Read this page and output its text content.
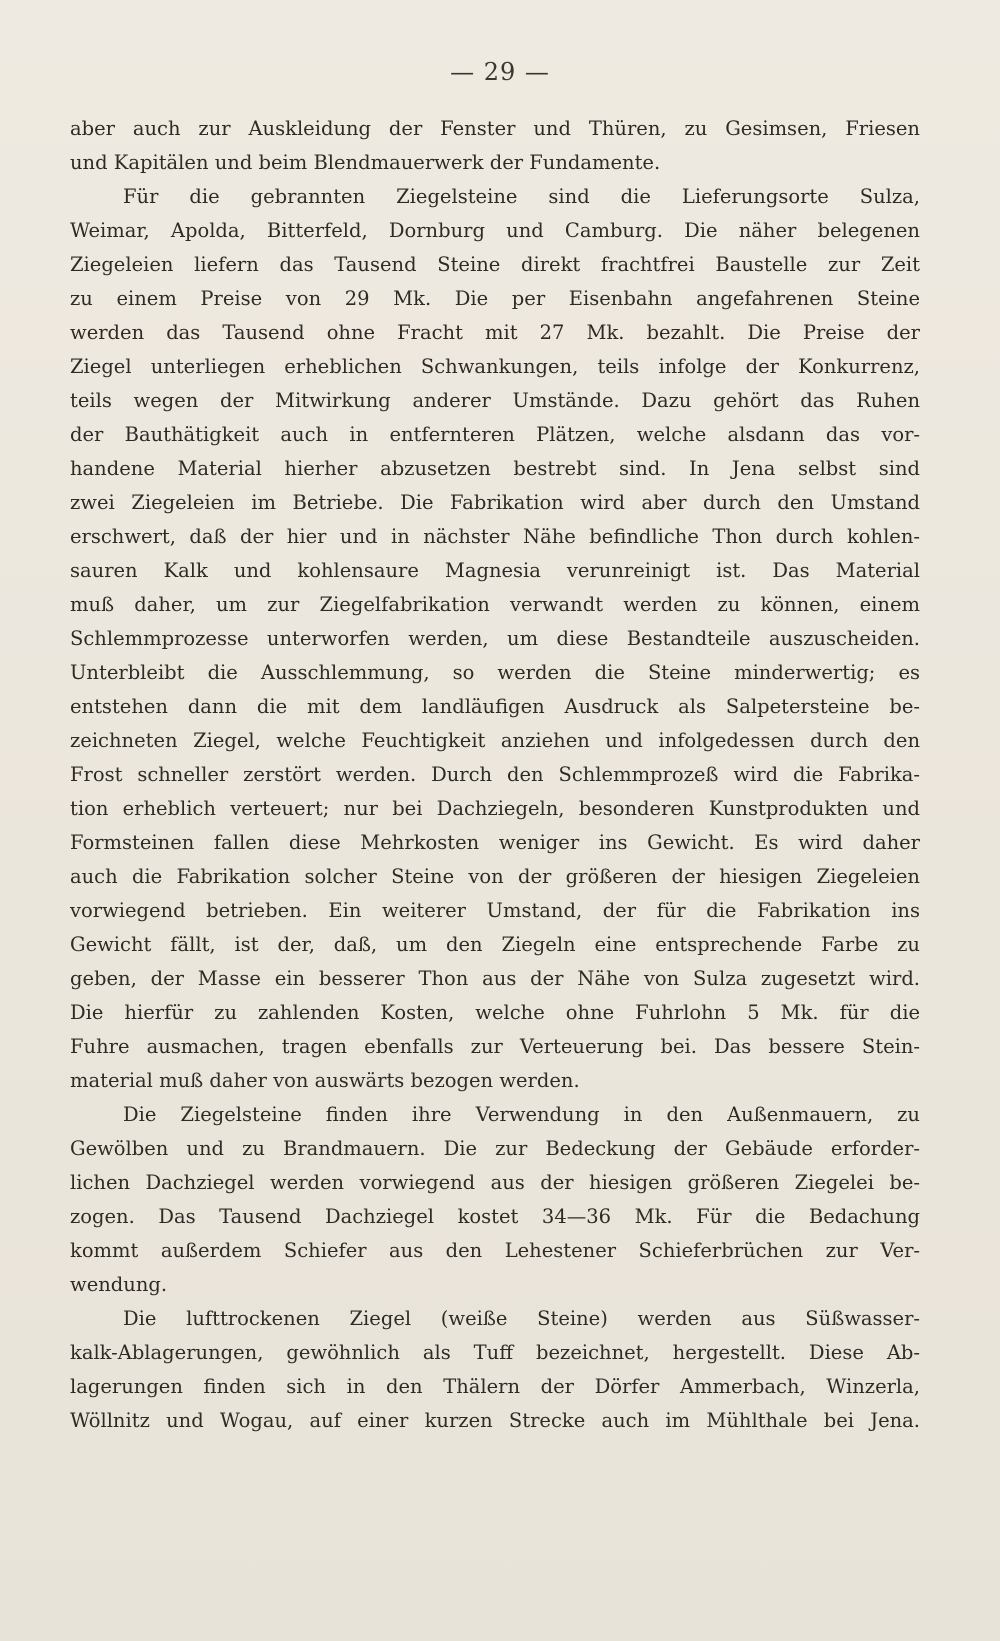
— 29 —
aber auch zur Auskleidung der Fenster und Thüren, zu Gesimsen, Friesen
und Kapitälen und beim Blendmauerwerk der Fundamente.
Für die gebrannten Ziegelsteine sind die Lieferungsorte Sulza,
Weimar, Apolda, Bitterfeld, Dornburg und Camburg. Die näher belegenen
Ziegeleien liefern das Tausend Steine direkt frachtfrei Baustelle zur Zeit
zu einem Preise von 29 Mk. Die per Eisenbahn angefahrenen Steine
werden das Tausend ohne Fracht mit 27 Mk. bezahlt. Die Preise der
Ziegel unterliegen erheblichen Schwankungen, teils infolge der Konkurrenz,
teils wegen der Mitwirkung anderer Umstände. Dazu gehört das Ruhen
der Bauthätigkeit auch in entfernteren Plätzen, welche alsdann das vor-
handene Material hierher abzusetzen bestrebt sind. In Jena selbst sind
zwei Ziegeleien im Betriebe. Die Fabrikation wird aber durch den Umstand
erschwert, daß der hier und in nächster Nähe befindliche Thon durch kohlen-
sauren Kalk und kohlensaure Magnesia verunreinigt ist. Das Material
muß daher, um zur Ziegelfabrikation verwandt werden zu können, einem
Schlemmprozesse unterworfen werden, um diese Bestandteile auszuscheiden.
Unterbleibt die Ausschlemmung, so werden die Steine minderwertig; es
entstehen dann die mit dem landläufigen Ausdruck als Salpetersteine be-
zeichneten Ziegel, welche Feuchtigkeit anziehen und infolgedessen durch den
Frost schneller zerstört werden. Durch den Schlemmprozeß wird die Fabrika-
tion erheblich verteuert; nur bei Dachziegeln, besonderen Kunstprodukten und
Formsteinen fallen diese Mehrkosten weniger ins Gewicht. Es wird daher
auch die Fabrikation solcher Steine von der größeren der hiesigen Ziegeleien
vorwiegend betrieben. Ein weiterer Umstand, der für die Fabrikation ins
Gewicht fällt, ist der, daß, um den Ziegeln eine entsprechende Farbe zu
geben, der Masse ein besserer Thon aus der Nähe von Sulza zugesetzt wird.
Die hierfür zu zahlenden Kosten, welche ohne Fuhrlohn 5 Mk. für die
Fuhre ausmachen, tragen ebenfalls zur Verteuerung bei. Das bessere Stein-
material muß daher von auswärts bezogen werden.
Die Ziegelsteine finden ihre Verwendung in den Außenmauern, zu
Gewölben und zu Brandmauern. Die zur Bedeckung der Gebäude erforder-
lichen Dachziegel werden vorwiegend aus der hiesigen größeren Ziegelei be-
zogen. Das Tausend Dachziegel kostet 34—36 Mk. Für die Bedachung
kommt außerdem Schiefer aus den Lehestener Schieferbrüchen zur Ver-
wendung.
Die lufttrockenen Ziegel (weiße Steine) werden aus Süßwasser-
kalk-Ablagerungen, gewöhnlich als Tuff bezeichnet, hergestellt. Diese Ab-
lagerungen finden sich in den Thälern der Dörfer Ammerbach, Winzerla,
Wöllnitz und Wogau, auf einer kurzen Strecke auch im Mühlthale bei Jena.
